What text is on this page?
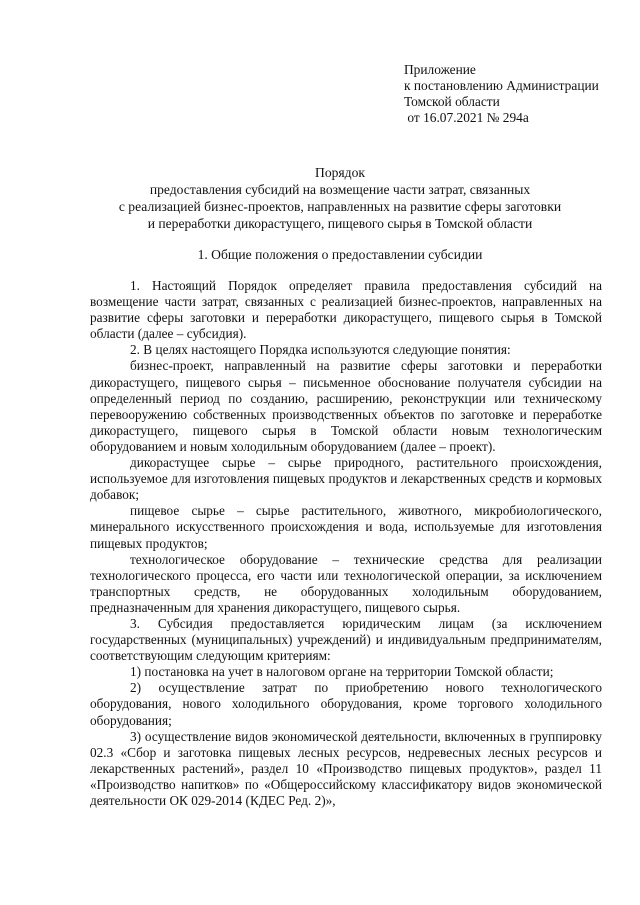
Приложение
к постановлению Администрации
Томской области
от 16.07.2021 № 294а
Порядок
предоставления субсидий на возмещение части затрат, связанных
с реализацией бизнес-проектов, направленных на развитие сферы заготовки
и переработки дикорастущего, пищевого сырья в Томской области
1. Общие положения о предоставлении субсидии

1. Настоящий Порядок определяет правила предоставления субсидий на возмещение части затрат, связанных с реализацией бизнес-проектов, направленных на развитие сферы заготовки и переработки дикорастущего, пищевого сырья в Томской области (далее – субсидия).

2. В целях настоящего Порядка используются следующие понятия:

бизнес-проект, направленный на развитие сферы заготовки и переработки дикорастущего, пищевого сырья – письменное обоснование получателя субсидии на определенный период по созданию, расширению, реконструкции или техническому перевооружению собственных производственных объектов по заготовке и переработке дикорастущего, пищевого сырья в Томской области новым технологическим оборудованием и новым холодильным оборудованием (далее – проект).

дикорастущее сырье – сырье природного, растительного происхождения, используемое для изготовления пищевых продуктов и лекарственных средств и кормовых добавок;

пищевое сырье – сырье растительного, животного, микробиологического, минерального искусственного происхождения и вода, используемые для изготовления пищевых продуктов;

технологическое оборудование – технические средства для реализации технологического процесса, его части или технологической операции, за исключением транспортных средств, не оборудованных холодильным оборудованием, предназначенным для хранения дикорастущего, пищевого сырья.

3. Субсидия предоставляется юридическим лицам (за исключением государственных (муниципальных) учреждений) и индивидуальным предпринимателям, соответствующим следующим критериям:

1) постановка на учет в налоговом органе на территории Томской области;

2) осуществление затрат по приобретению нового технологического оборудования, нового холодильного оборудования, кроме торгового холодильного оборудования;

3) осуществление видов экономической деятельности, включенных в группировку 02.3 «Сбор и заготовка пищевых лесных ресурсов, недревесных лесных ресурсов и лекарственных растений», раздел 10 «Производство пищевых продуктов», раздел 11 «Производство напитков» по «Общероссийскому классификатору видов экономической деятельности ОК 029-2014 (КДЕС Ред. 2)»,
